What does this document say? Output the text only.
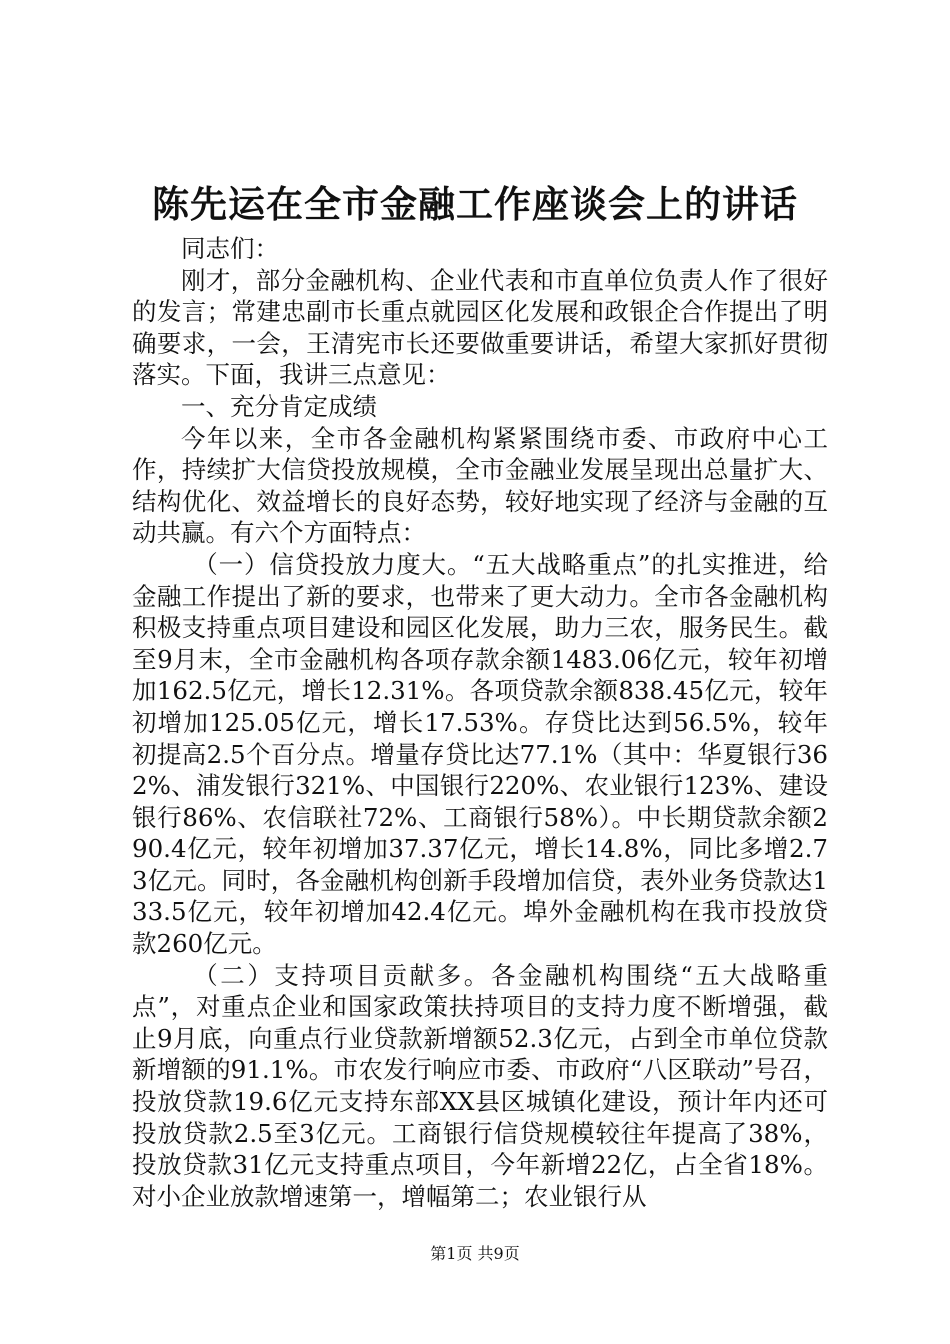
陈先运在全市金融工作座谈会上的讲话

同志们：

刚才，部分金融机构、企业代表和市直单位负责人作了很好的发言；常建忠副市长重点就园区化发展和政银企合作提出了明确要求，一会，王清宪市长还要做重要讲话，希望大家抓好贯彻落实。下面，我讲三点意见：

一、充分肯定成绩

今年以来，全市各金融机构紧紧围绕市委、市政府中心工作，持续扩大信贷投放规模，全市金融业发展呈现出总量扩大、结构优化、效益增长的良好态势，较好地实现了经济与金融的互动共赢。有六个方面特点：

（一）信贷投放力度大。“五大战略重点”的扎实推进，给金融工作提出了新的要求，也带来了更大动力。全市各金融机构积极支持重点项目建设和园区化发展，助力三农，服务民生。截至9月末，全市金融机构各项存款余额1483.06亿元，较年初增加162.5亿元，增长12.31%。各项贷款余额838.45亿元，较年初增加125.05亿元，增长17.53%。存贷比达到56.5%，较年初提高2.5个百分点。增量存贷比达77.1%（其中：华夏银行362%、浦发银行321%、中国银行220%、农业银行123%、建设银行86%、农信联社72%、工商银行58%）。中长期贷款余额290.4亿元，较年初增加37.37亿元，增长14.8%，同比多增2.73亿元。同时，各金融机构创新手段增加信贷，表外业务贷款达133.5亿元，较年初增加42.4亿元。埠外金融机构在我市投放贷款260亿元。

（二）支持项目贡献多。各金融机构围绕“五大战略重点”，对重点企业和国家政策扶持项目的支持力度不断增强，截止9月底，向重点行业贷款新增额52.3亿元，占到全市单位贷款新增额的91.1%。市农发行响应市委、市政府“八区联动”号召，投放贷款19.6亿元支持东部XX县区城镇化建设，预计年内还可投放贷款2.5至3亿元。工商银行信贷规模较往年提高了38%，投放贷款31亿元支持重点项目，今年新增22亿，占全省18%。对小企业放款增速第一，增幅第二；农业银行从

第1页 共9页
